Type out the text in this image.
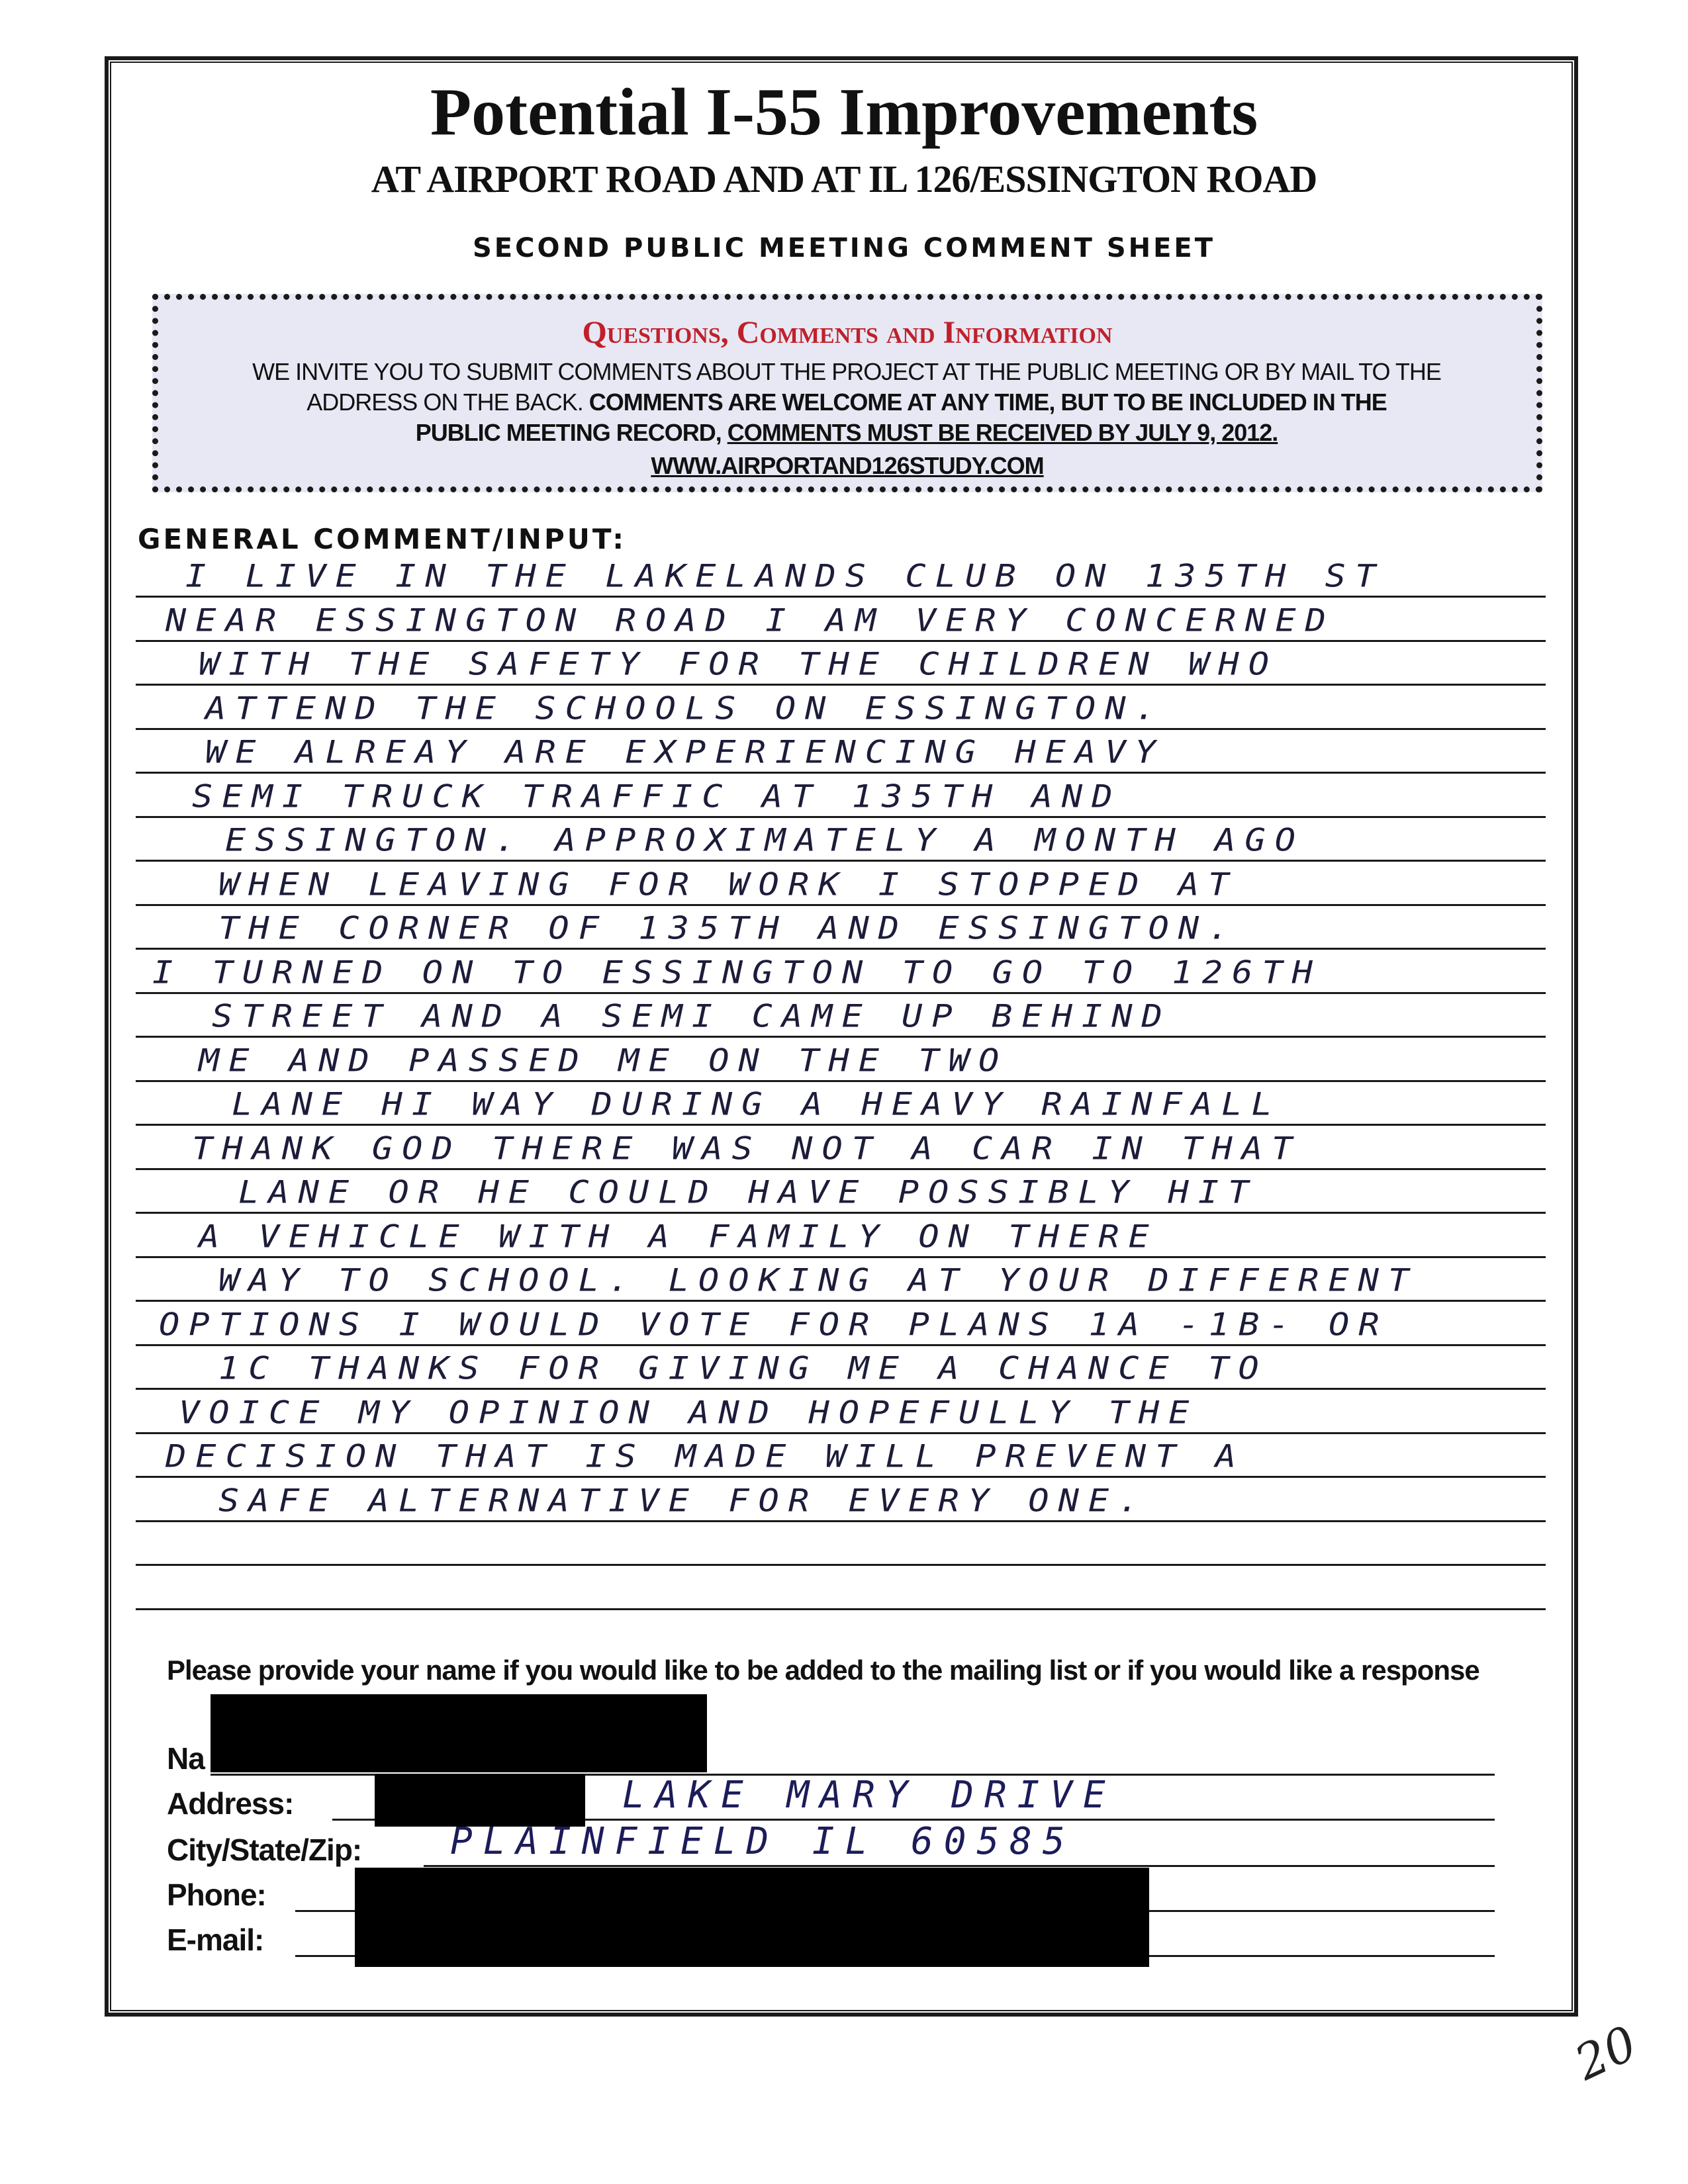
Potential I-55 Improvements
AT AIRPORT ROAD AND AT IL 126/ESSINGTON ROAD
SECOND PUBLIC MEETING COMMENT SHEET
Questions, Comments and Information
WE INVITE YOU TO SUBMIT COMMENTS ABOUT THE PROJECT AT THE PUBLIC MEETING OR BY MAIL TO THE
ADDRESS ON THE BACK. COMMENTS ARE WELCOME AT ANY TIME, BUT TO BE INCLUDED IN THE
PUBLIC MEETING RECORD, COMMENTS MUST BE RECEIVED BY JULY 9, 2012.
WWW.AIRPORTAND126STUDY.COM
GENERAL COMMENT/INPUT:
I LIVE IN THE LAKELANDS CLUB ON 135TH ST
NEAR ESSINGTON ROAD I AM VERY CONCERNED
WITH THE SAFETY FOR THE CHILDREN WHO
ATTEND THE SCHOOLS ON ESSINGTON.
WE ALREAY ARE EXPERIENCING HEAVY
SEMI TRUCK TRAFFIC AT 135TH AND
ESSINGTON. APPROXIMATELY A MONTH AGO
WHEN LEAVING FOR WORK I STOPPED AT
THE CORNER OF 135TH AND ESSINGTON.
I TURNED ON TO ESSINGTON TO GO TO 126TH
STREET AND A SEMI CAME UP BEHIND
ME AND PASSED ME ON THE TWO
LANE HI WAY DURING A HEAVY RAINFALL
THANK GOD THERE WAS NOT A CAR IN THAT
LANE OR HE COULD HAVE POSSIBLY HIT
A VEHICLE WITH A FAMILY ON THERE
WAY TO SCHOOL. LOOKING AT YOUR DIFFERENT
OPTIONS I WOULD VOTE FOR PLANS 1A -1B- OR
1C THANKS FOR GIVING ME A CHANCE TO
VOICE MY OPINION AND HOPEFULLY THE
DECISION THAT IS MADE WILL PREVENT A
SAFE ALTERNATIVE FOR EVERY ONE.
Please provide your name if you would like to be added to the mailing list or if you would like a response
Na
Address:	LAKE MARY DRIVE
City/State/Zip: PLAINFIELD IL 60585
Phone:
E-mail:
20
